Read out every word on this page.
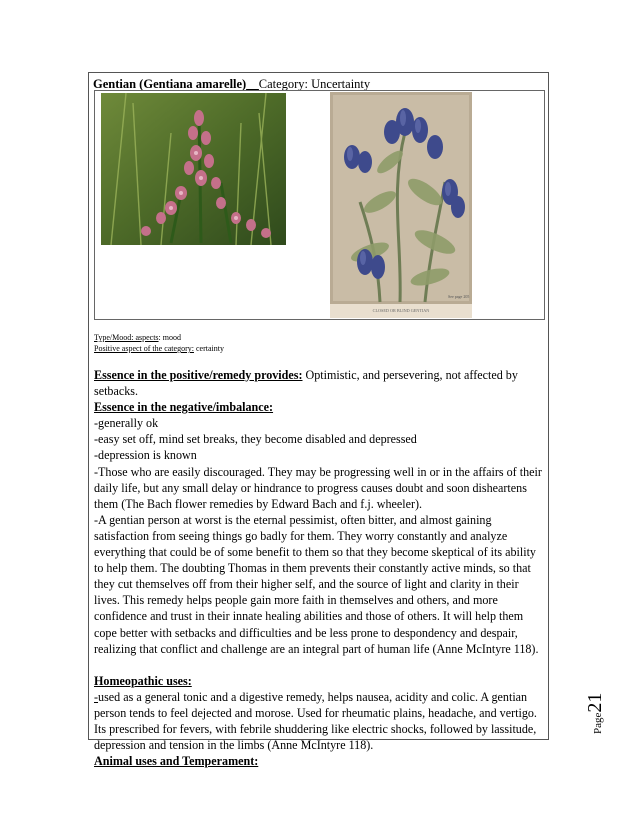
Gentian (Gentiana amarelle)__Category: Uncertainty
See page 205
CLOSED OR BLIND GENTIAN
Type/Mood: aspects: mood
Positive aspect of the category: certainty

Essence in the positive/remedy provides: Optimistic, and persevering, not affected by setbacks.

Essence in the negative/imbalance:

-generally ok

-easy set off, mind set breaks, they become disabled and depressed

-depression is known

-Those who are easily discouraged. They may be progressing well in or in the affairs of their daily life, but any small delay or hindrance to progress causes doubt and soon disheartens them (The Bach flower remedies by Edward Bach and f.j. wheeler).

-A gentian person at worst is the eternal pessimist, often bitter, and almost gaining satisfaction from seeing things go badly for them. They worry constantly and analyze everything that could be of some benefit to them so that they become skeptical of its ability to help them. The doubting Thomas in them prevents their constantly active minds, so that they cut themselves off from their higher self, and the source of light and clarity in their lives. This remedy helps people gain more faith in themselves and others, and more confidence and trust in their innate healing abilities and those of others. It will help them cope better with setbacks and difficulties and be less prone to despondency and despair, realizing that conflict and challenge are an integral part of human life (Anne McIntyre 118).

Homeopathic uses:

-used as a general tonic and a digestive remedy, helps nausea, acidity and colic. A gentian person tends to feel dejected and morose. Used for rheumatic plains, headache, and vertigo. Its prescribed for fevers, with febrile shuddering like electric shocks, followed by lassitude, depression and tension in the limbs (Anne McIntyre 118).

Animal uses and Temperament:

Page21
